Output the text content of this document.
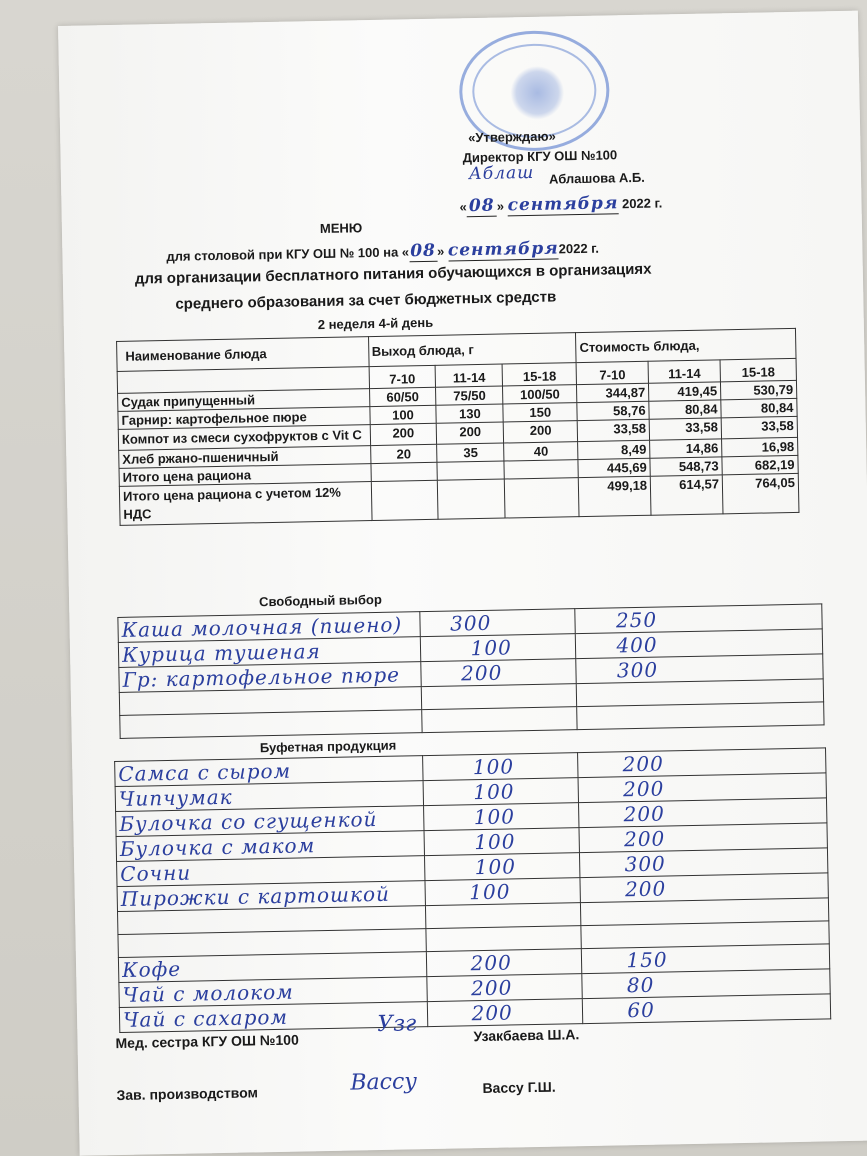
«Утверждаю»
Директор КГУ ОШ №100
Аблаш Аблашова А.Б.
« 08 » сентября 2022 г.
МЕНЮ
для столовой при КГУ ОШ № 100 на «08» сентября2022 г.
для организации бесплатного питания обучающихся в организациях
среднего образования за счет бюджетных средств
2 неделя 4-й день
Наименование блюда	Выход блюда, г			Стоимость блюда,		
	7-10	11-14	15-18	7-10	11-14	15-18
Судак припущенный	60/50	75/50	100/50	344,87	419,45	530,79
Гарнир: картофельное пюре	100	130	150	58,76	80,84	80,84
Компот из смеси сухофруктов с Vit C	200	200	200	33,58	33,58	33,58
Хлеб ржано-пшеничный	20	35	40	8,49	14,86	16,98
Итого цена рациона				445,69	548,73	682,19
Итого цена рациона с учетом 12% НДС				499,18	614,57	764,05
Свободный выбор
Каша молочная (пшено)	300	250
Курица тушеная	100	400
Гр: картофельное пюре	200	300

Буфетная продукция
Самса с сыром	100	200
Чипчумак	100	200
Булочка со сгущенкой	100	200
Булочка с маком	100	200
Сочни	100	300
Пирожки с картошкой	100	200

Кофе	200	150
Чай с молоком	200	80
Чай с сахаром	200	60
Мед. сестра КГУ ОШ №100
Узг	Узакбаева Ш.А.
Зав. производством	Вассу	Вассу Г.Ш.
